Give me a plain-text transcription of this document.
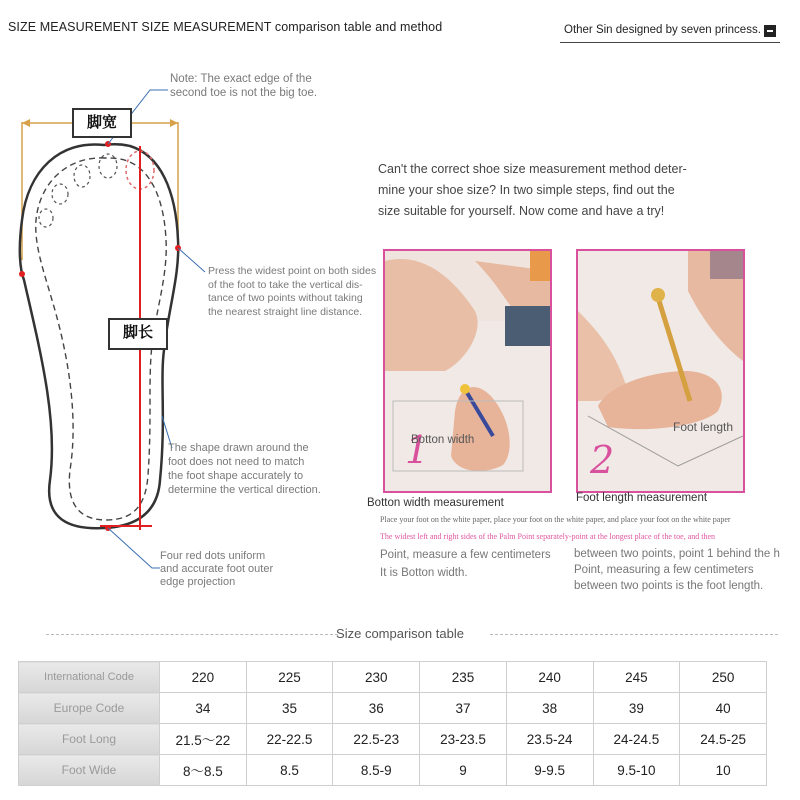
SIZE MEASUREMENT SIZE MEASUREMENT comparison table and method	Other Sin designed by seven princess.
脚宽
脚长
Note: The exact edge of the
second toe is not the big toe.
Press the widest point on both sides
of the foot to take the vertical dis-
tance of two points without taking
the nearest straight line distance.
The shape drawn around the
foot does not need to match
the foot shape accurately to
determine the vertical direction.
Four red dots uniform
and accurate foot outer
edge projection
Can't the correct shoe size measurement method deter-
mine your shoe size? In two simple steps, find out the
size suitable for yourself. Now come and have a try!
1
Botton width	2
Foot length
Botton width measurement	Foot length measurement
Place your foot on the white paper, place your foot on the white paper, and place your foot on the white paper
The widest left and right sides of the Palm Point separately-point at the longest place of the toe, and then
Point, measure a few centimeters
It is Botton width.
between two points, point 1 behind the h
Point, measuring a few centimeters
between two points is the foot length.
Size comparison table
International Code	220	225	230	235	240	245	250
Europe Code	34	35	36	37	38	39	40
Foot Long	21.5～22	22-22.5	22.5-23	23-23.5	23.5-24	24-24.5	24.5-25
Foot Wide	8～8.5	8.5	8.5-9	9	9-9.5	9.5-10	10
